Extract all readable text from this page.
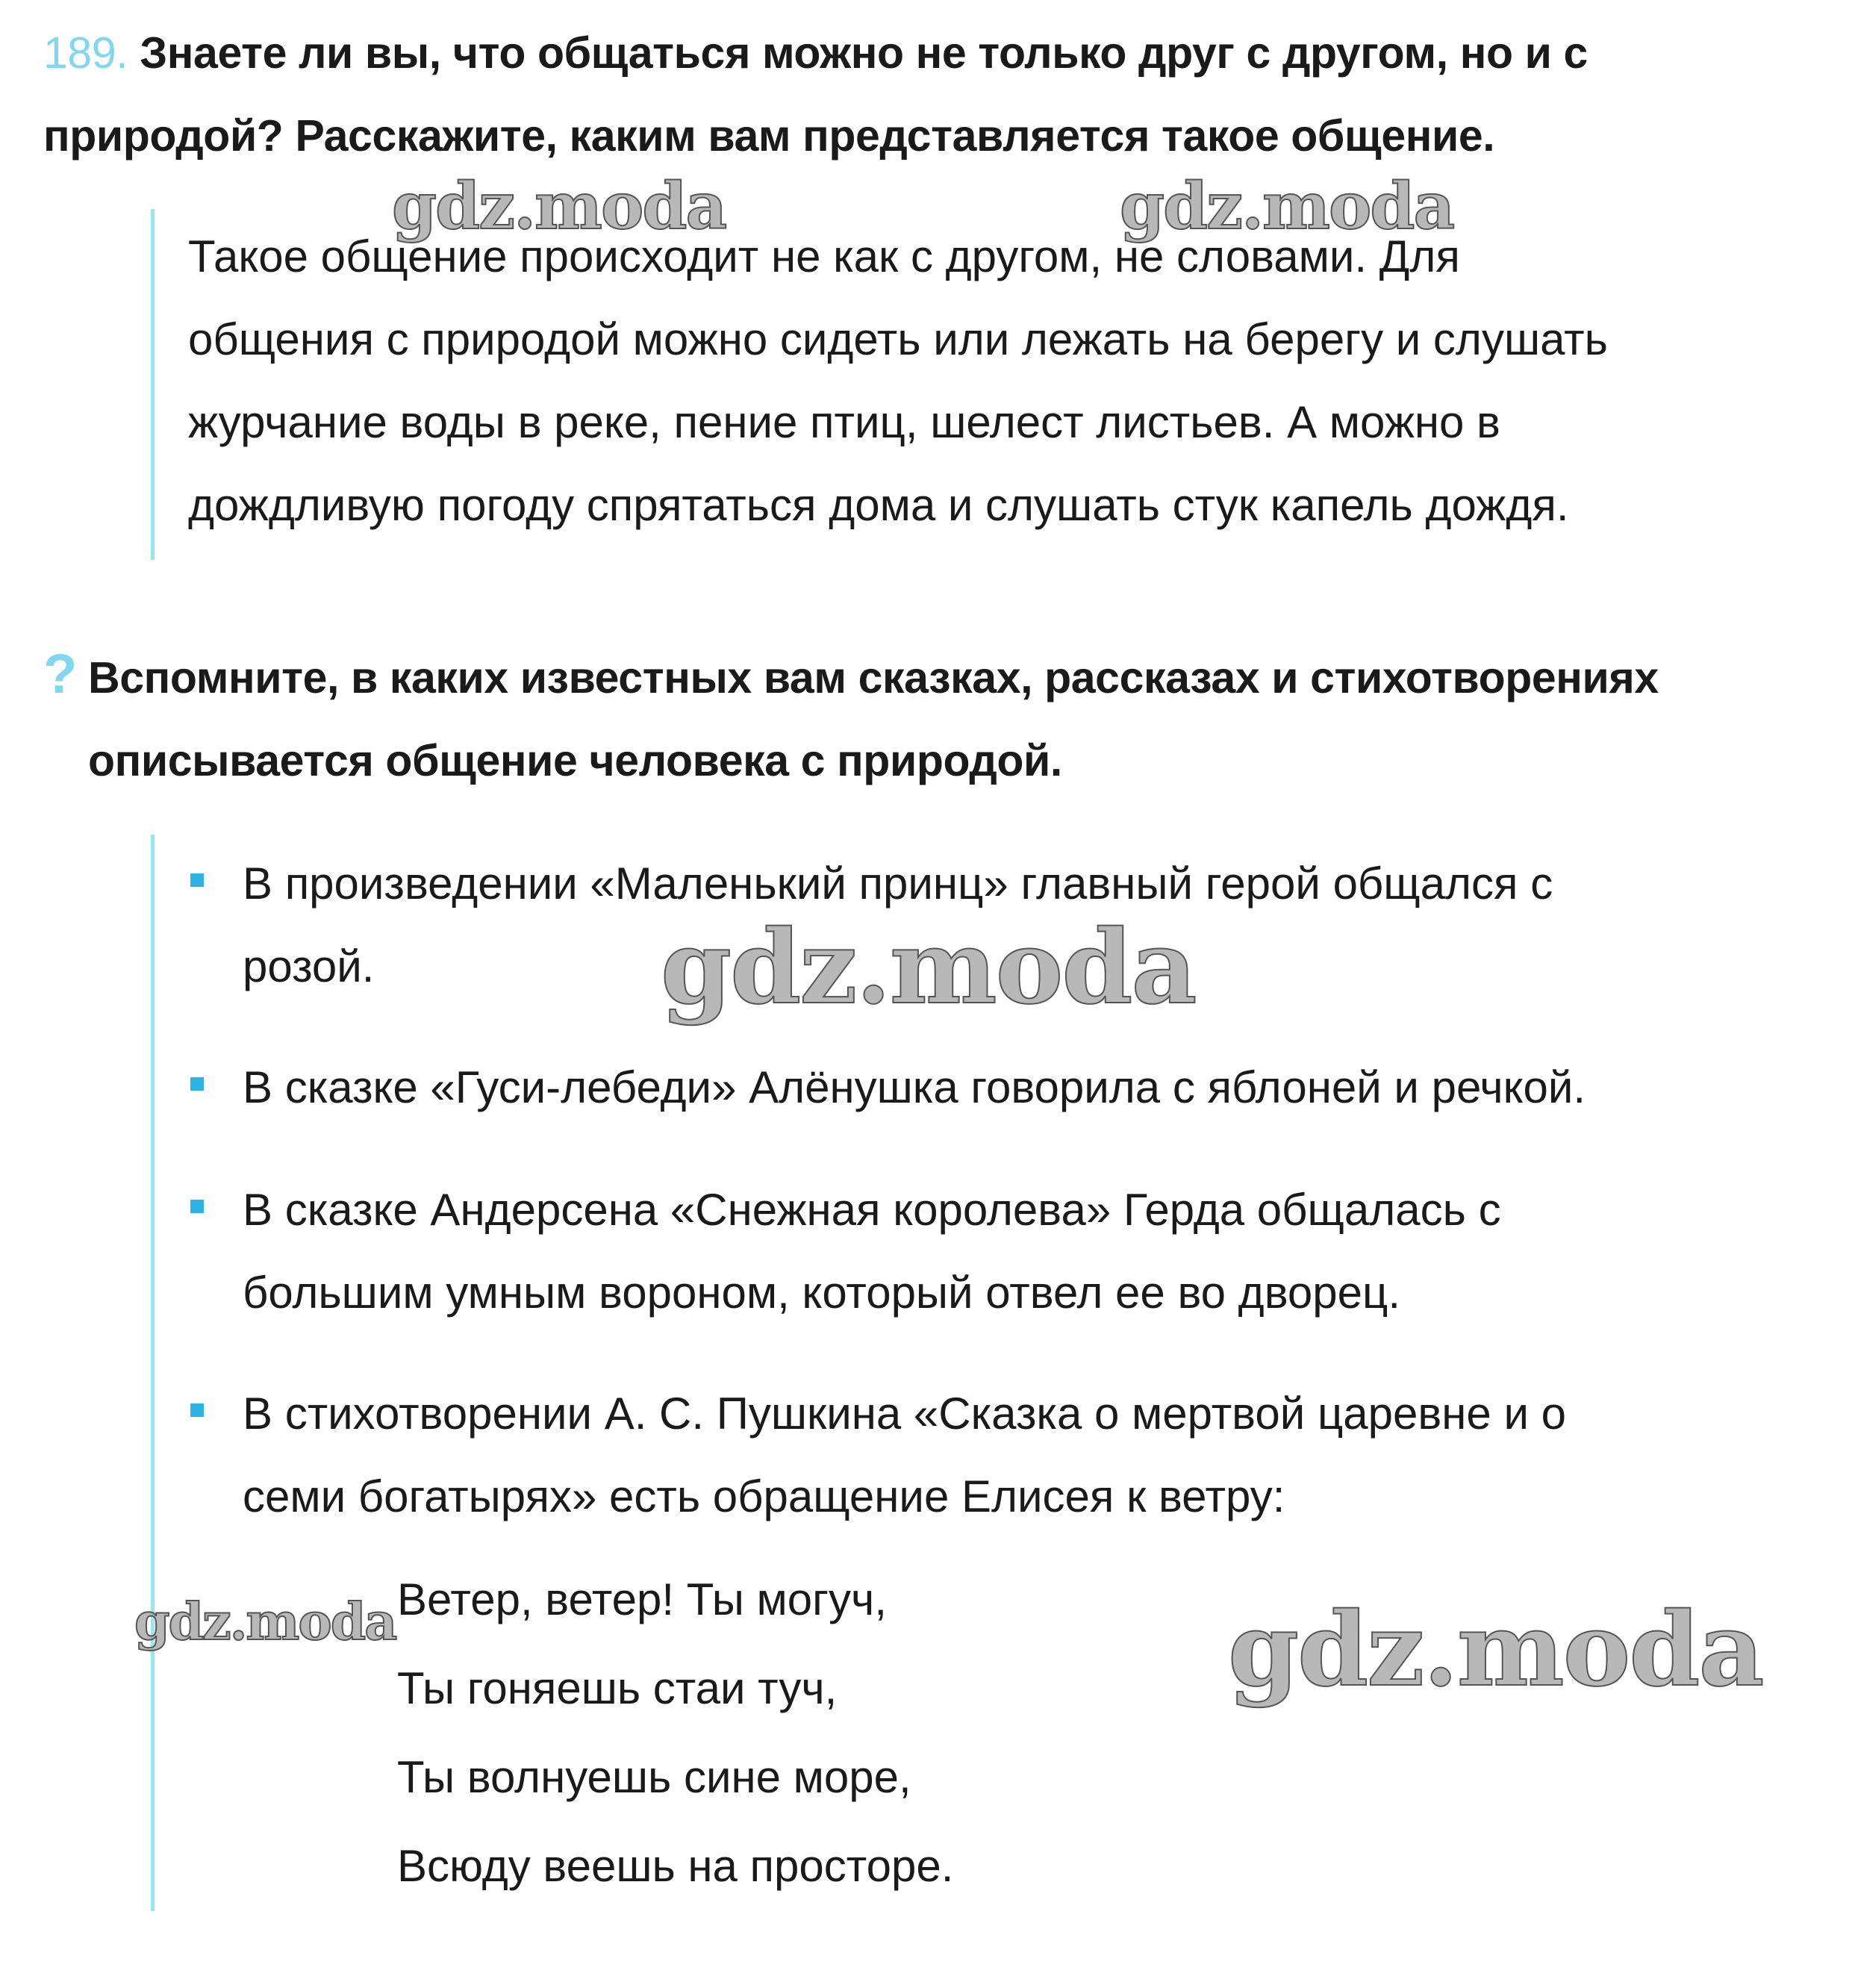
189. Знаете ли вы, что общаться можно не только друг с другом, но и с
природой? Расскажите, каким вам представляется такое общение.
Такое общение происходит не как с другом, не словами. Для
общения с природой можно сидеть или лежать на берегу и слушать
журчание воды в реке, пение птиц, шелест листьев. А можно в
дождливую погоду спрятаться дома и слушать стук капель дождя.
? Вспомните, в каких известных вам сказках, рассказах и стихотворениях
описывается общение человека с природой.
В произведении «Маленький принц» главный герой общался с
розой.
В сказке «Гуси-лебеди» Алёнушка говорила с яблоней и речкой.
В сказке Андерсена «Снежная королева» Герда общалась с
большим умным вороном, который отвел ее во дворец.
В стихотворении А. С. Пушкина «Сказка о мертвой царевне и о
семи богатырях» есть обращение Елисея к ветру:
Ветер, ветер! Ты могуч,
Ты гоняешь стаи туч,
Ты волнуешь сине море,
Всюду веешь на просторе.
gdz.moda	gdz.moda
gdz.moda
gdz.moda	gdz.moda
